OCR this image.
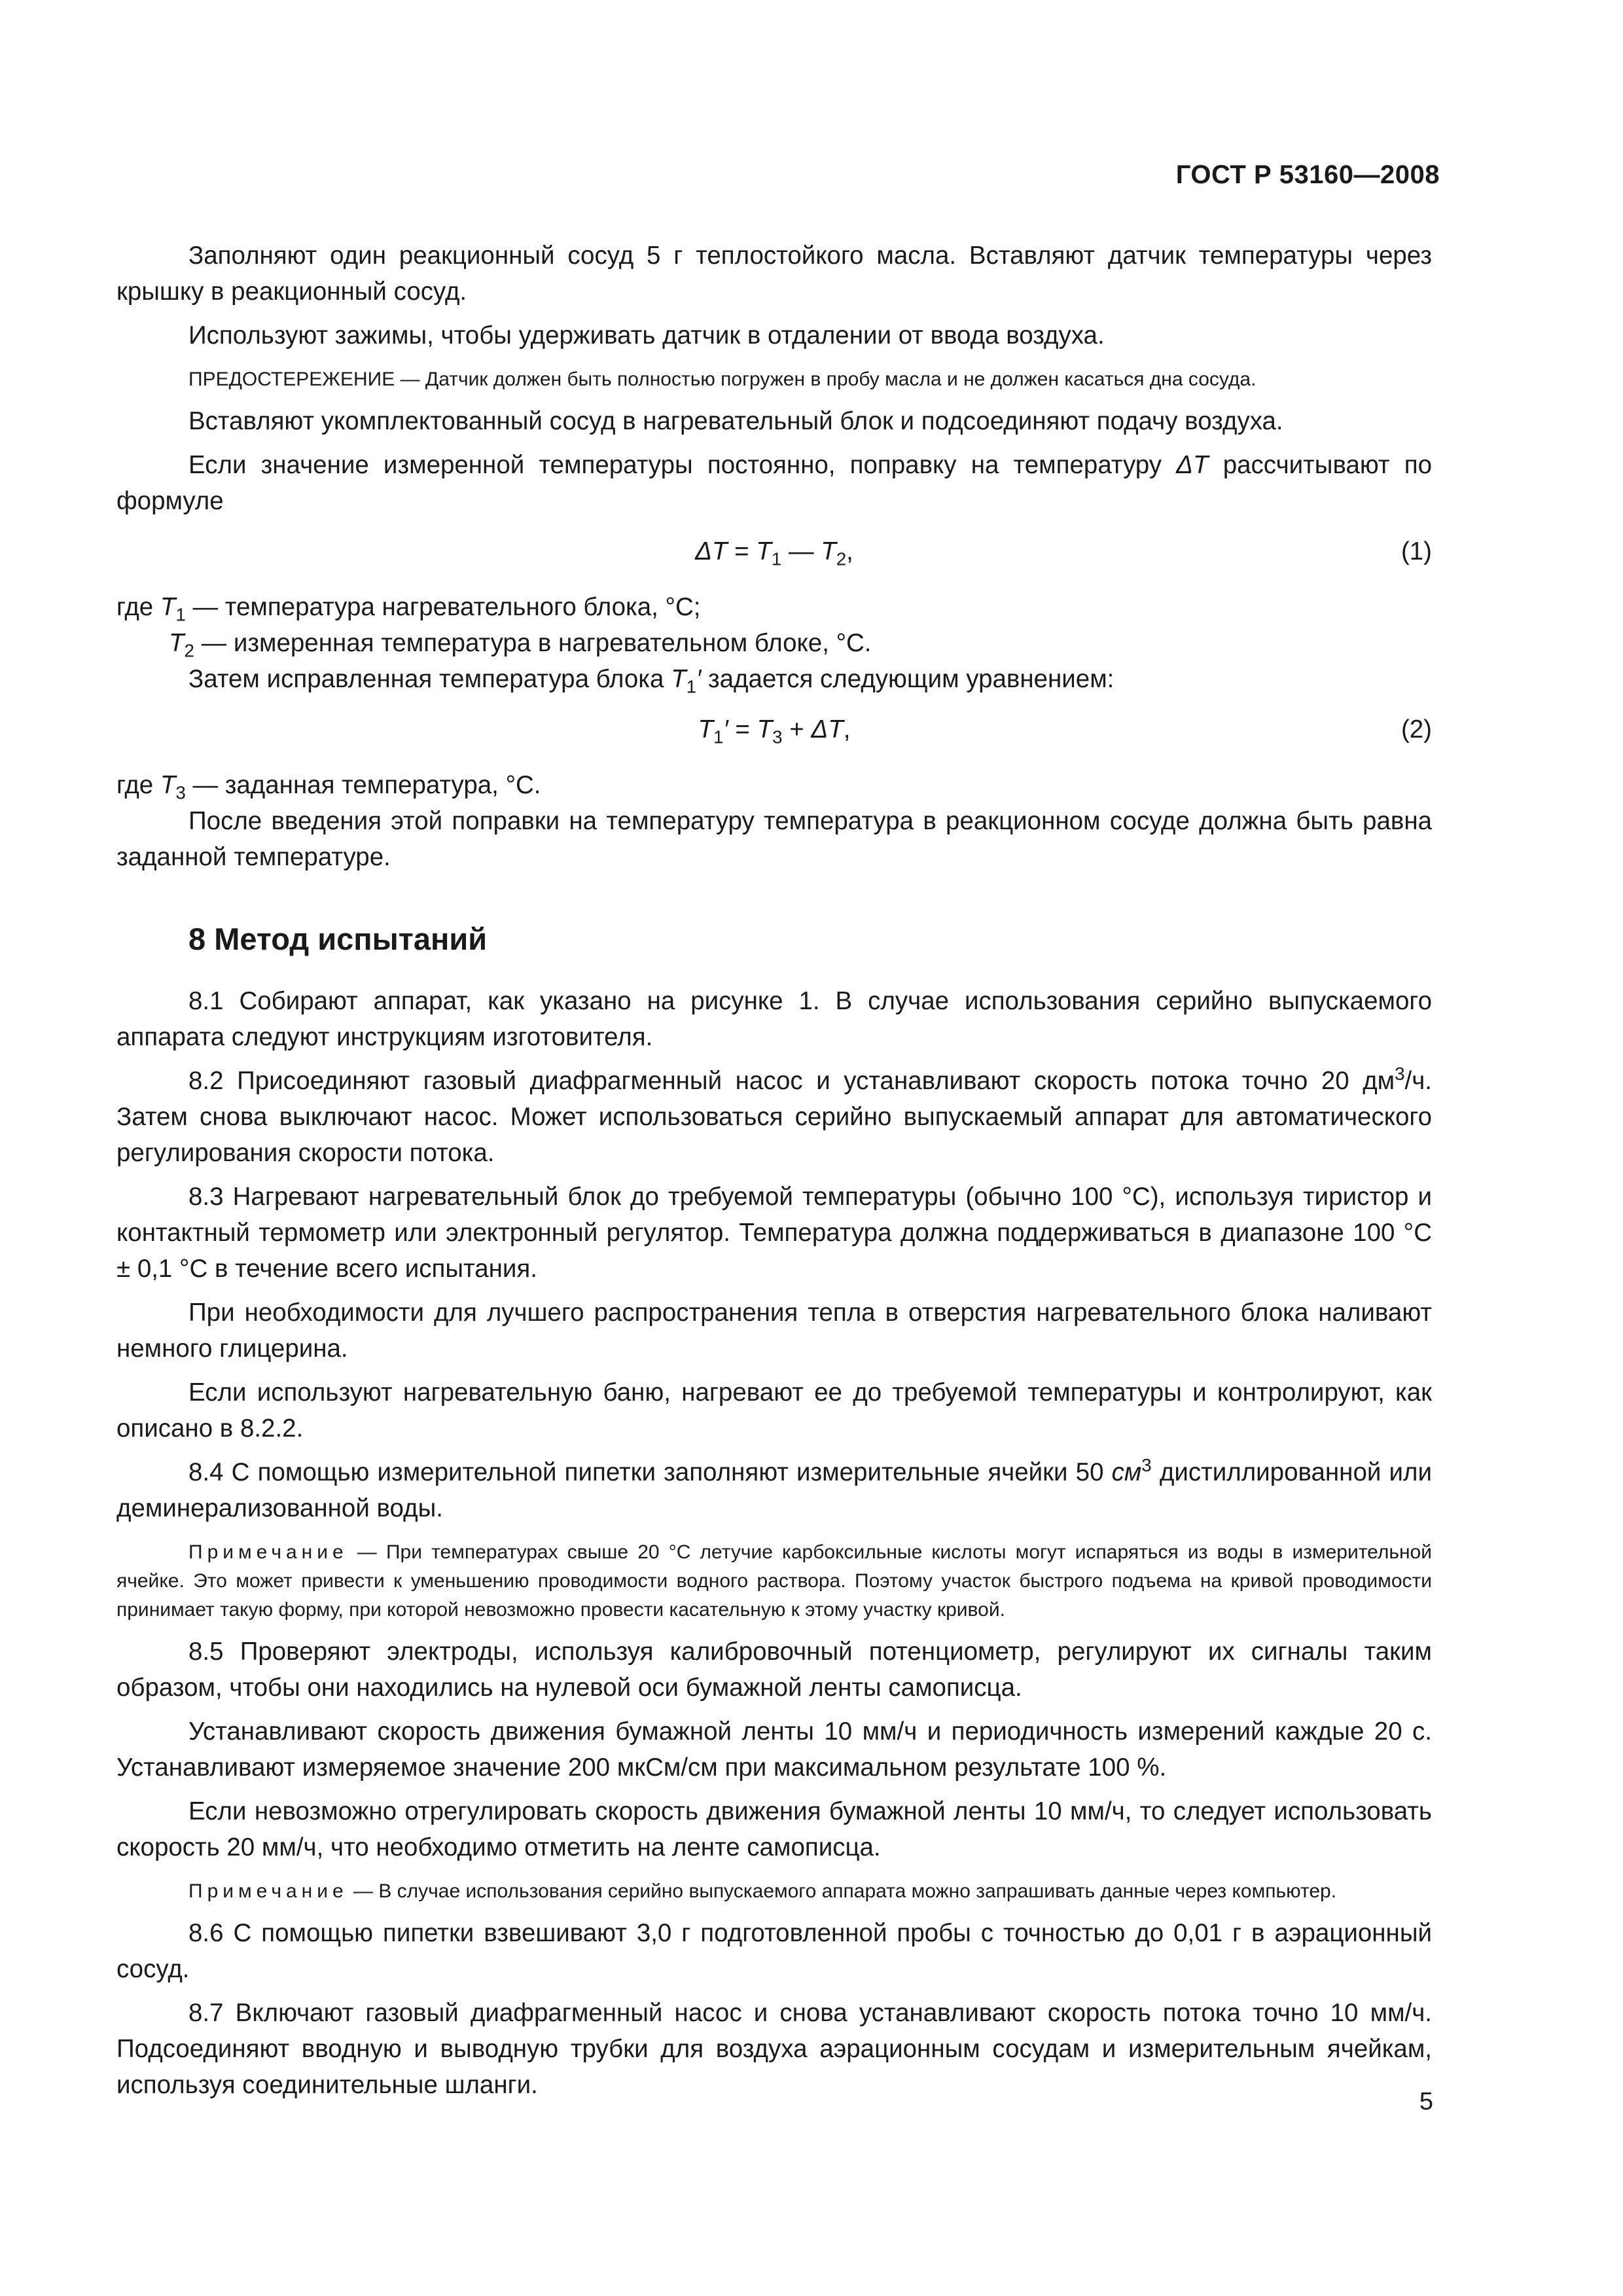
ГОСТ Р 53160—2008

Заполняют один реакционный сосуд 5 г теплостойкого масла. Вставляют датчик температуры через крышку в реакционный сосуд.

Используют зажимы, чтобы удерживать датчик в отдалении от ввода воздуха.

ПРЕДОСТЕРЕЖЕНИЕ — Датчик должен быть полностью погружен в пробу масла и не должен касаться дна сосуда.

Вставляют укомплектованный сосуд в нагревательный блок и подсоединяют подачу воздуха.

Если значение измеренной температуры постоянно, поправку на температуру ΔT рассчитывают по формуле

$\Delta T = T_1$ — $T_2$,	(1)

где $T_1$ — температура нагревательного блока, °С;

$T_2$ — измеренная температура в нагревательном блоке, °С.

Затем исправленная температура блока $T_1'$ задается следующим уравнением:

$T_1' = T_3 + \Delta T$,	(2)

где $T_3$ — заданная температура, °С.

После введения этой поправки на температуру температура в реакционном сосуде должна быть равна заданной температуре.

8 Метод испытаний

8.1 Собирают аппарат, как указано на рисунке 1. В случае использования серийно выпускаемого аппарата следуют инструкциям изготовителя.

8.2 Присоединяют газовый диафрагменный насос и устанавливают скорость потока точно 20 $дм^3/ч$. Затем снова выключают насос. Может использоваться серийно выпускаемый аппарат для автоматического регулирования скорости потока.

8.3 Нагревают нагревательный блок до требуемой температуры (обычно 100 °С), используя тиристор и контактный термометр или электронный регулятор. Температура должна поддерживаться в диапазоне 100 °С ± 0,1 °С в течение всего испытания.

При необходимости для лучшего распространения тепла в отверстия нагревательного блока наливают немного глицерина.

Если используют нагревательную баню, нагревают ее до требуемой температуры и контролируют, как описано в 8.2.2.

8.4 С помощью измерительной пипетки заполняют измерительные ячейки 50 $см^3$ дистиллированной или деминерализованной воды.

Примечание — При температурах свыше 20 °С летучие карбоксильные кислоты могут испаряться из воды в измерительной ячейке. Это может привести к уменьшению проводимости водного раствора. Поэтому участок быстрого подъема на кривой проводимости принимает такую форму, при которой невозможно провести касательную к этому участку кривой.

8.5 Проверяют электроды, используя калибровочный потенциометр, регулируют их сигналы таким образом, чтобы они находились на нулевой оси бумажной ленты самописца.

Устанавливают скорость движения бумажной ленты 10 мм/ч и периодичность измерений каждые 20 с. Устанавливают измеряемое значение 200 мкСм/см при максимальном результате 100 %.

Если невозможно отрегулировать скорость движения бумажной ленты 10 мм/ч, то следует использовать скорость 20 мм/ч, что необходимо отметить на ленте самописца.

Примечание — В случае использования серийно выпускаемого аппарата можно запрашивать данные через компьютер.

8.6 С помощью пипетки взвешивают 3,0 г подготовленной пробы с точностью до 0,01 г в аэрационный сосуд.

8.7 Включают газовый диафрагменный насос и снова устанавливают скорость потока точно 10 мм/ч. Подсоединяют вводную и выводную трубки для воздуха аэрационным сосудам и измерительным ячейкам, используя соединительные шланги.

5
